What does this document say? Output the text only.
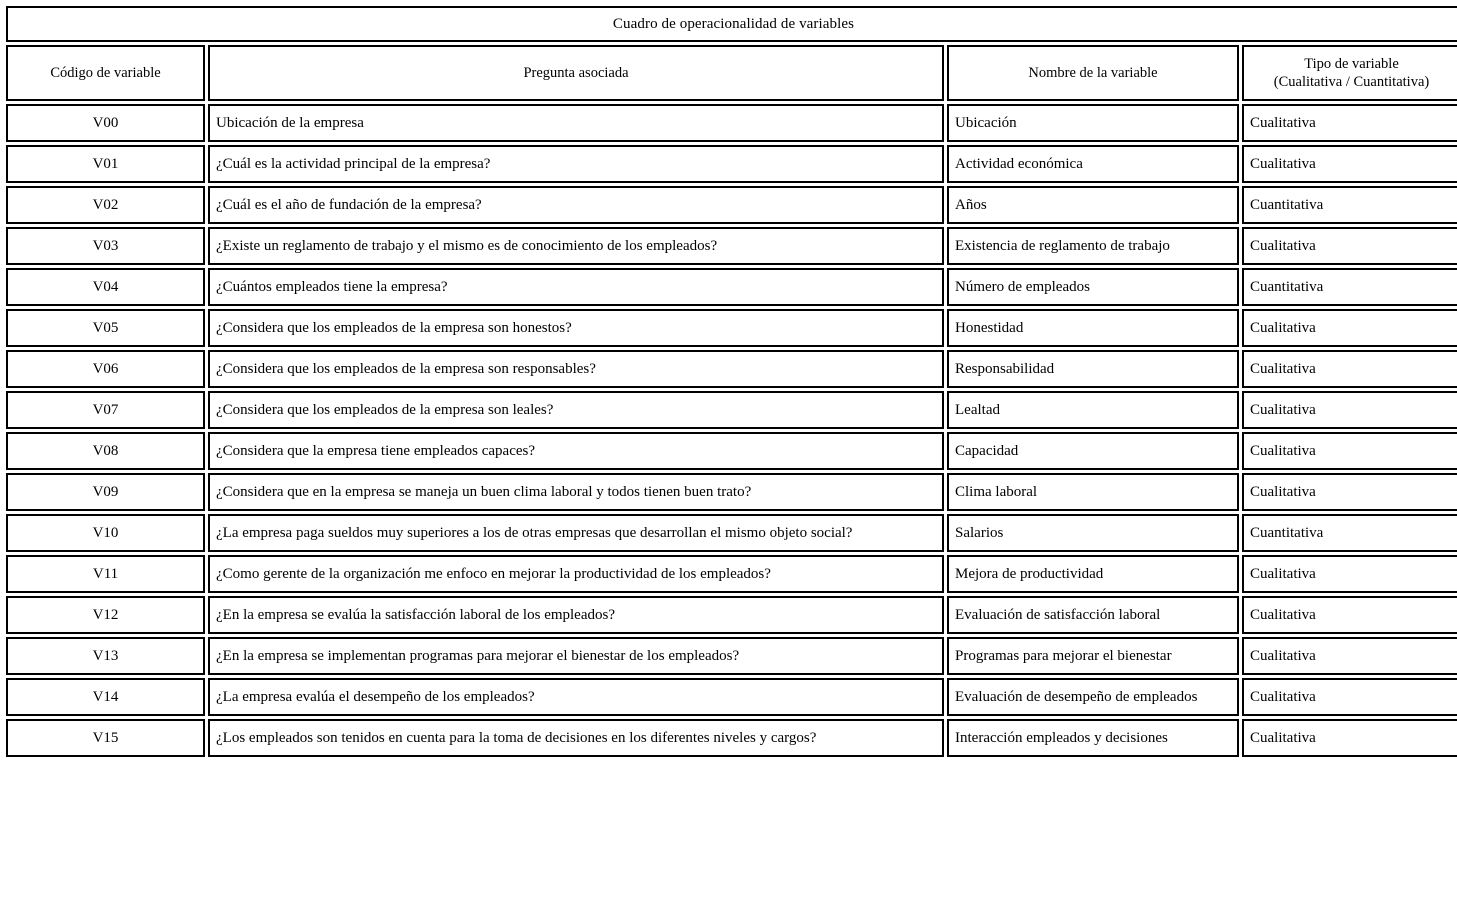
Cuadro de operacionalidad de variables			
Código de variable	Pregunta asociada	Nombre de la variable	Tipo de variable
(Cualitativa / Cuantitativa)

V00	Ubicación de la empresa	Ubicación	Cualitativa
V01	¿Cuál es la actividad principal de la empresa?	Actividad económica	Cualitativa
V02	¿Cuál es el año de fundación de la empresa?	Años	Cuantitativa
V03	¿Existe un reglamento de trabajo y el mismo es de conocimiento de los empleados?	Existencia de reglamento de trabajo	Cualitativa
V04	¿Cuántos empleados tiene la empresa?	Número de empleados	Cuantitativa
V05	¿Considera que los empleados de la empresa son honestos?	Honestidad	Cualitativa
V06	¿Considera que los empleados de la empresa son responsables?	Responsabilidad	Cualitativa
V07	¿Considera que los empleados de la empresa son leales?	Lealtad	Cualitativa
V08	¿Considera que la empresa tiene empleados capaces?	Capacidad	Cualitativa
V09	¿Considera que en la empresa se maneja un buen clima laboral y todos tienen buen trato?	Clima laboral	Cualitativa
V10	¿La empresa paga sueldos muy superiores a los de otras empresas que desarrollan el mismo objeto social?	Salarios	Cuantitativa
V11	¿Como gerente de la organización me enfoco en mejorar la productividad de los empleados?	Mejora de productividad	Cualitativa
V12	¿En la empresa se evalúa la satisfacción laboral de los empleados?	Evaluación de satisfacción laboral	Cualitativa
V13	¿En la empresa se implementan programas para mejorar el bienestar de los empleados?	Programas para mejorar el bienestar	Cualitativa
V14	¿La empresa evalúa el desempeño de los empleados?	Evaluación de desempeño de empleados	Cualitativa
V15	¿Los empleados son tenidos en cuenta para la toma de decisiones en los diferentes niveles y cargos?	Interacción empleados y decisiones	Cualitativa
